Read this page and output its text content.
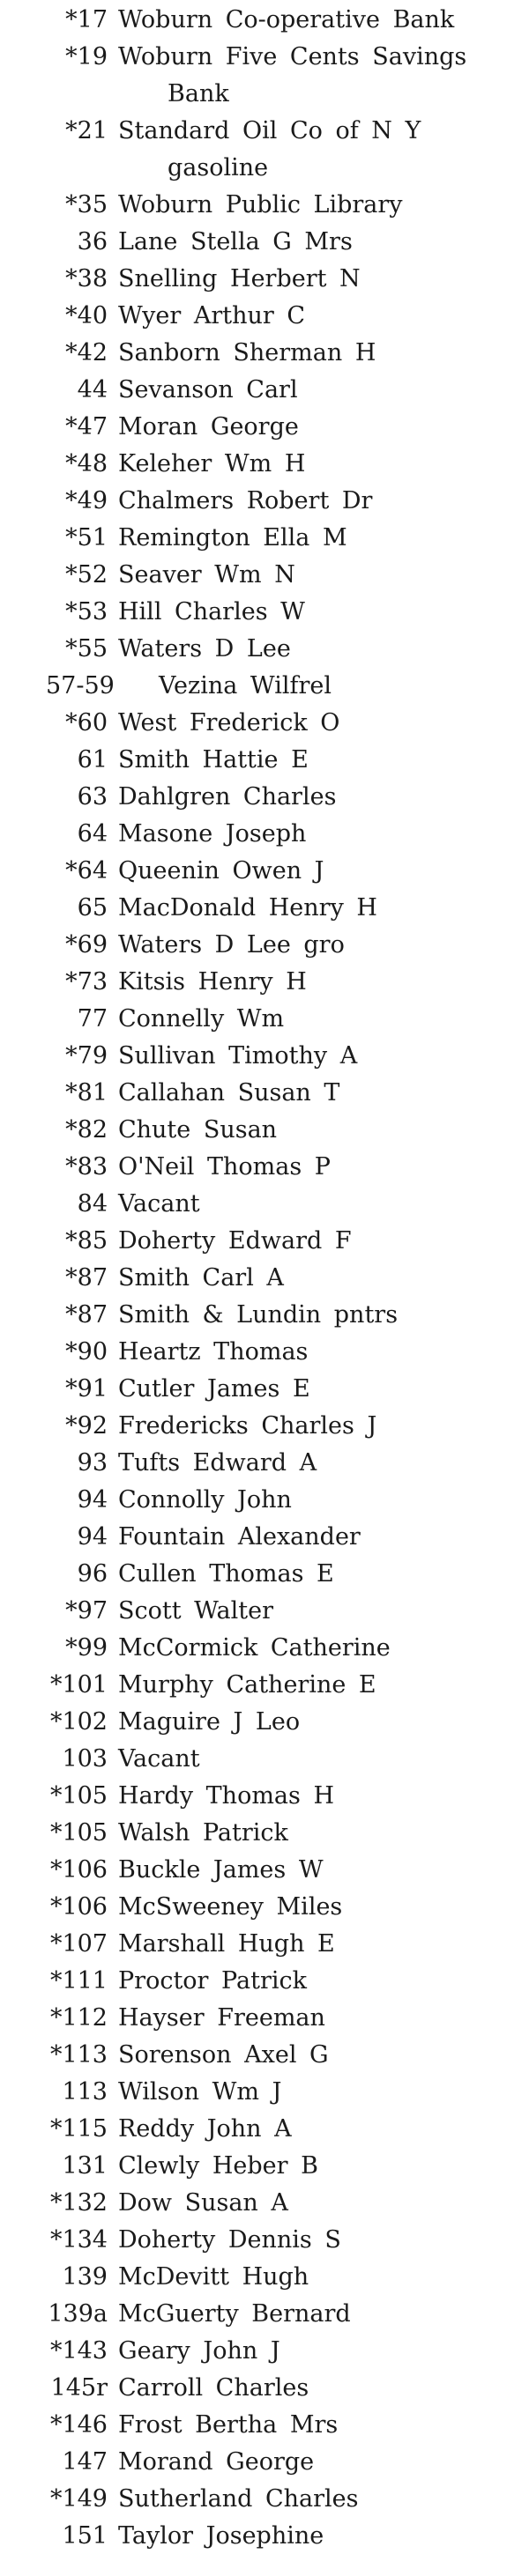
*17 Woburn Co-operative Bank
*19 Woburn Five Cents Savings
Bank
*21 Standard Oil Co of N Y
gasoline
*35 Woburn Public Library
36 Lane Stella G Mrs
*38 Snelling Herbert N
*40 Wyer Arthur C
*42 Sanborn Sherman H
44 Sevanson Carl
*47 Moran George
*48 Keleher Wm H
*49 Chalmers Robert Dr
*51 Remington Ella M
*52 Seaver Wm N
*53 Hill Charles W
*55 Waters D Lee
57-59 Vezina Wilfrel
*60 West Frederick O
61 Smith Hattie E
63 Dahlgren Charles
64 Masone Joseph
*64 Queenin Owen J
65 MacDonald Henry H
*69 Waters D Lee gro
*73 Kitsis Henry H
77 Connelly Wm
*79 Sullivan Timothy A
*81 Callahan Susan T
*82 Chute Susan
*83 O'Neil Thomas P
84 Vacant
*85 Doherty Edward F
*87 Smith Carl A
*87 Smith & Lundin pntrs
*90 Heartz Thomas
*91 Cutler James E
*92 Fredericks Charles J
93 Tufts Edward A
94 Connolly John
94 Fountain Alexander
96 Cullen Thomas E
*97 Scott Walter
*99 McCormick Catherine
*101 Murphy Catherine E
*102 Maguire J Leo
103 Vacant
*105 Hardy Thomas H
*105 Walsh Patrick
*106 Buckle James W
*106 McSweeney Miles
*107 Marshall Hugh E
*111 Proctor Patrick
*112 Hayser Freeman
*113 Sorenson Axel G
113 Wilson Wm J
*115 Reddy John A
131 Clewly Heber B
*132 Dow Susan A
*134 Doherty Dennis S
139 McDevitt Hugh
139a McGuerty Bernard
*143 Geary John J
145r Carroll Charles
*146 Frost Bertha Mrs
147 Morand George
*149 Sutherland Charles
151 Taylor Josephine
